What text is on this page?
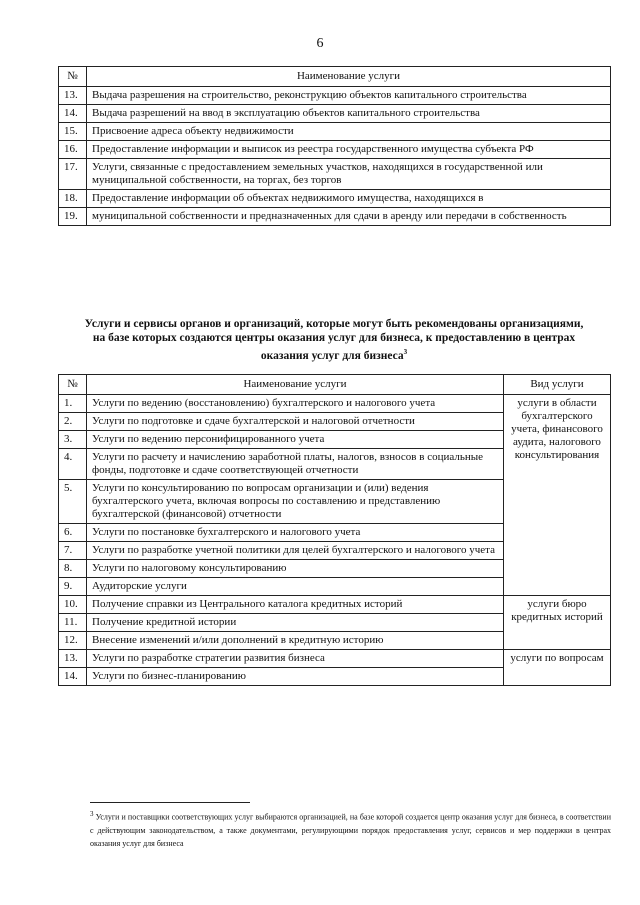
6
№	Наименование услуги
13.	Выдача разрешения на строительство, реконструкцию объектов капитального строительства
14.	Выдача разрешений на ввод в эксплуатацию объектов капитального строительства
15.	Присвоение адреса объекту недвижимости
16.	Предоставление информации и выписок из реестра государственного имущества субъекта РФ
17.	Услуги, связанные с предоставлением земельных участков, находящихся в государственной или муниципальной собственности, на торгах, без торгов
18.	Предоставление информации об объектах недвижимого имущества, находящихся в
19.	муниципальной собственности и предназначенных для сдачи в аренду или передачи в собственность
Услуги и сервисы органов и организаций, которые могут быть рекомендованы организациями, на базе которых создаются центры оказания услуг для бизнеса, к предоставлению в центрах оказания услуг для бизнеса$^3$
№	Наименование услуги	Вид услуги
1.	Услуги по ведению (восстановлению) бухгалтерского и налогового учета	услуги в области бухгалтерского учета, финансового аудита, налогового консультирования
2.	Услуги по подготовке и сдаче бухгалтерской и налоговой отчетности	
3.	Услуги по ведению персонифицированного учета	
4.	Услуги по расчету и начислению заработной платы, налогов, взносов в социальные фонды, подготовке и сдаче соответствующей отчетности	
5.	Услуги по консультированию по вопросам организации и (или) ведения бухгалтерского учета, включая вопросы по составлению и представлению бухгалтерской (финансовой) отчетности	
6.	Услуги по постановке бухгалтерского и налогового учета	
7.	Услуги по разработке учетной политики для целей бухгалтерского и налогового учета	
8.	Услуги по налоговому консультированию	
9.	Аудиторские услуги	
10.	Получение справки из Центрального каталога кредитных историй	услуги бюро кредитных историй
11.	Получение кредитной истории	
12.	Внесение изменений и/или дополнений в кредитную историю	
13.	Услуги по разработке стратегии развития бизнеса	услуги по вопросам
14.	Услуги по бизнес-планированию	
$^3$ Услуги и поставщики соответствующих услуг выбираются организацией, на базе которой создается центр оказания услуг для бизнеса, в соответствии с действующим законодательством, а также документами, регулирующими порядок предоставления услуг, сервисов и мер поддержки в центрах оказания услуг для бизнеса
